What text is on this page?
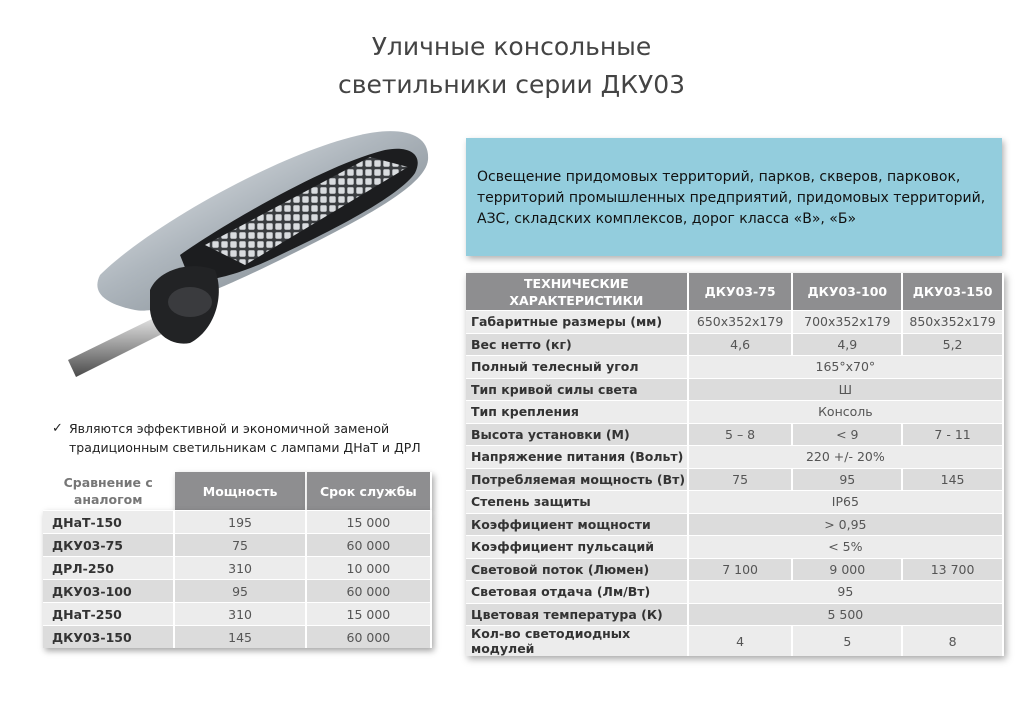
Уличные консольные
светильники серии ДКУ03
✓ Являются эффективной и экономичной заменой традиционным светильникам с лампами ДНаТ и ДРЛ
Сравнение с аналогом	Мощность	Срок службы
ДНаТ-150	195	15 000
ДКУ03-75	75	60 000
ДРЛ-250	310	10 000
ДКУ03-100	95	60 000
ДНаТ-250	310	15 000
ДКУ03-150	145	60 000
Освещение придомовых территорий, парков, скверов, парковок, территорий промышленных предприятий, придомовых территорий, АЗС, складских комплексов, дорог класса «В», «Б»
ТЕХНИЧЕСКИЕ ХАРАКТЕРИСТИКИ	ДКУ03-75	ДКУ03-100	ДКУ03-150
Габаритные размеры (мм)	650x352x179	700x352x179	850x352x179
Вес нетто (кг)	4,6	4,9	5,2
Полный телесный угол	165°x70°		
Тип кривой силы света	Ш		
Тип крепления	Консоль		
Высота установки (М)	5 – 8	< 9	7 - 11
Напряжение питания (Вольт)	220 +/- 20%		
Потребляемая мощность (Вт)	75	95	145
Степень защиты	IP65		
Коэффициент мощности	> 0,95		
Коэффициент пульсаций	< 5%		
Световой поток (Люмен)	7 100	9 000	13 700
Световая отдача (Лм/Вт)	95		
Цветовая температура (К)	5 500		
Кол-во светодиодных модулей	4	5	8
